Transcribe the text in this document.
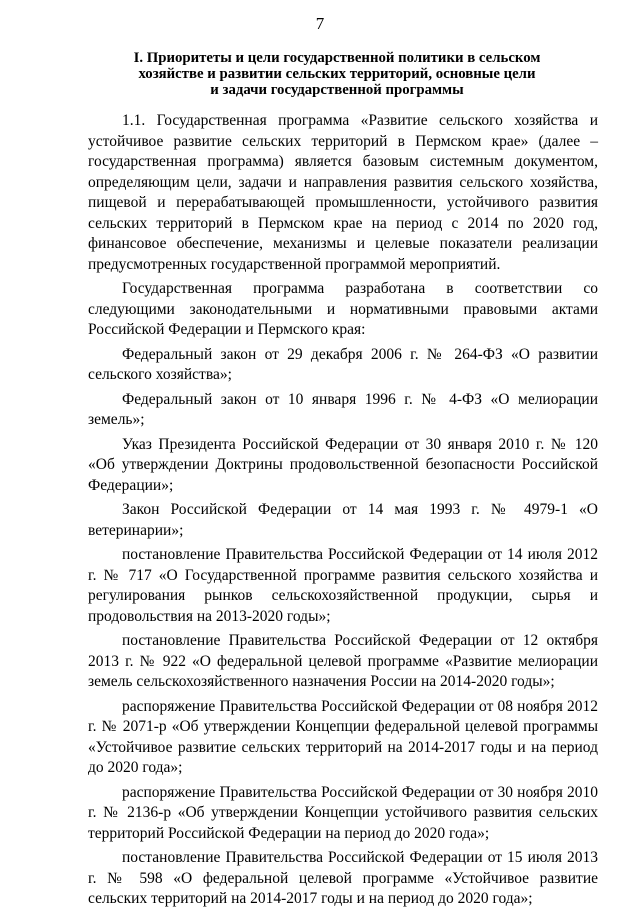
7
I. Приоритеты и цели государственной политики в сельском
хозяйстве и развитии сельских территорий, основные цели
и задачи государственной программы

1.1. Государственная программа «Развитие сельского хозяйства и устойчивое развитие сельских территорий в Пермском крае» (далее – государственная программа) является базовым системным документом, определяющим цели, задачи и направления развития сельского хозяйства, пищевой и перерабатывающей промышленности, устойчивого развития сельских территорий в Пермском крае на период с 2014 по 2020 год, финансовое обеспечение, механизмы и целевые показатели реализации предусмотренных государственной программой мероприятий.

Государственная программа разработана в соответствии со следующими законодательными и нормативными правовыми актами Российской Федерации и Пермского края:

Федеральный закон от 29 декабря 2006 г. № 264-ФЗ «О развитии сельского хозяйства»;

Федеральный закон от 10 января 1996 г. № 4-ФЗ «О мелиорации земель»;

Указ Президента Российской Федерации от 30 января 2010 г. № 120 «Об утверждении Доктрины продовольственной безопасности Российской Федерации»;

Закон Российской Федерации от 14 мая 1993 г. № 4979-1 «О ветеринарии»;

постановление Правительства Российской Федерации от 14 июля 2012 г. № 717 «О Государственной программе развития сельского хозяйства и регулирования рынков сельскохозяйственной продукции, сырья и продовольствия на 2013-2020 годы»;

постановление Правительства Российской Федерации от 12 октября 2013 г. № 922 «О федеральной целевой программе «Развитие мелиорации земель сельскохозяйственного назначения России на 2014-2020 годы»;

распоряжение Правительства Российской Федерации от 08 ноября 2012 г. № 2071-р «Об утверждении Концепции федеральной целевой программы «Устойчивое развитие сельских территорий на 2014-2017 годы и на период до 2020 года»;

распоряжение Правительства Российской Федерации от 30 ноября 2010 г. № 2136-р «Об утверждении Концепции устойчивого развития сельских территорий Российской Федерации на период до 2020 года»;

постановление Правительства Российской Федерации от 15 июля 2013 г. № 598 «О федеральной целевой программе «Устойчивое развитие сельских территорий на 2014-2017 годы и на период до 2020 года»;
